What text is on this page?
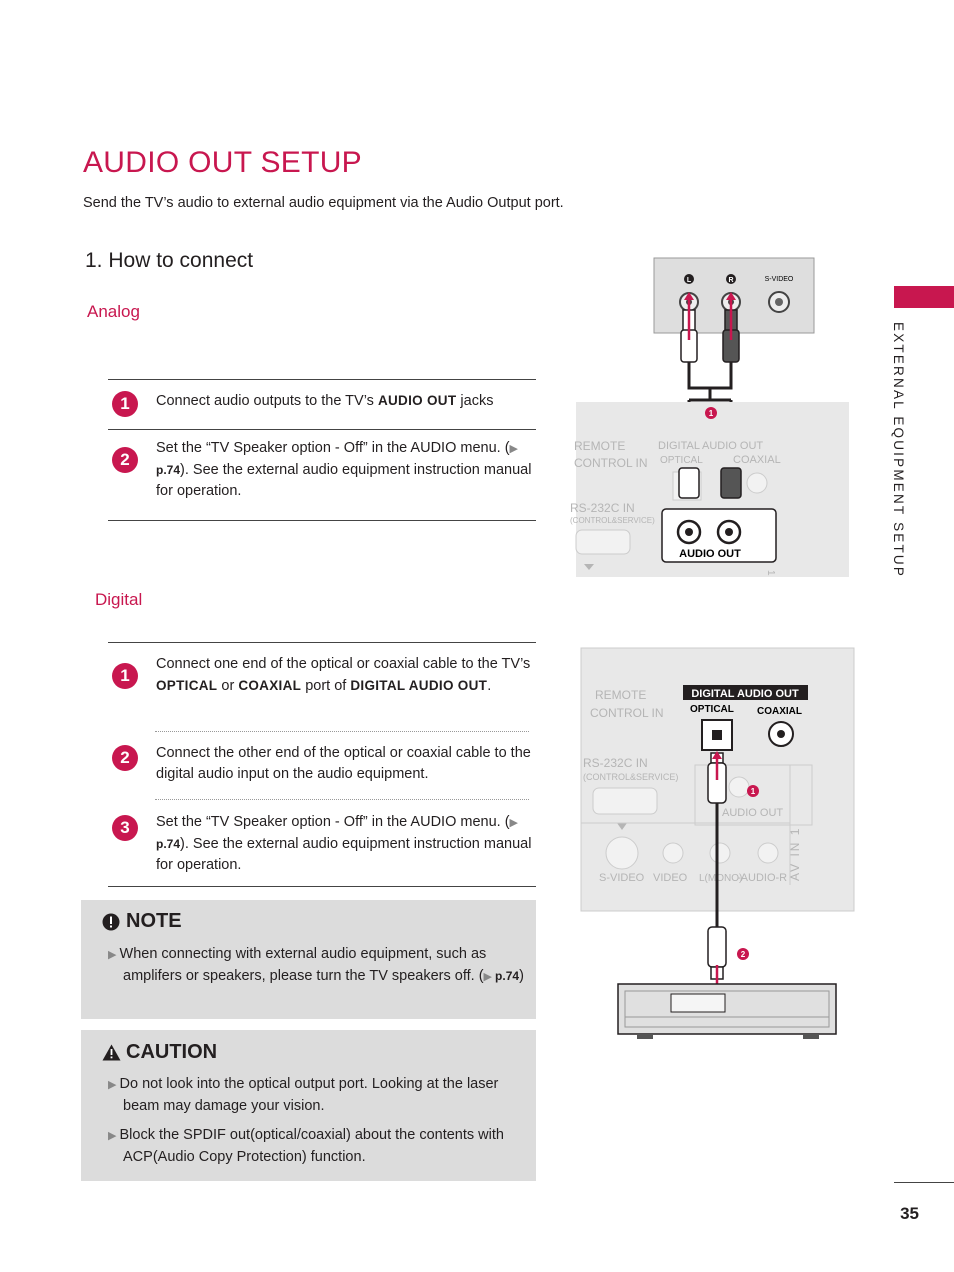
AUDIO OUT SETUP
Send the TV’s audio to external audio equipment via the Audio Output port.
1. How to connect
Analog
1	Connect audio outputs to the TV’s AUDIO OUT jacks
2
Set the “TV Speaker option - Off” in the AUDIO menu. (▶ p.74). See the external audio equipment instruction manual for operation.
Digital
1
Connect one end of the optical or coaxial cable to the TV’s OPTICAL or COAXIAL port of DIGITAL AUDIO OUT.
2	Connect the other end of the optical or coaxial cable to the digital audio input on the audio equipment.
3	Set the “TV Speaker option - Off” in the AUDIO menu. (▶ p.74). See the external audio equipment instruction manual for operation.
NOTE
▶ When connecting with external audio equipment, such as amplifers or speakers, please turn the TV speakers off. (▶ p.74)
CAUTION
▶ Do not look into the optical output port. Looking at the laser beam may damage your vision.
▶ Block the SPDIF out(optical/coaxial) about the contents with ACP(Audio Copy Protection) function.
L	R	S-VIDEO
REMOTE
CONTROL IN
DIGITAL AUDIO OUT
OPTICAL	COAXIAL
RS-232C IN
(CONTROL&SERVICE)
1
AUDIO OUT
1
REMOTE
CONTROL IN
DIGITAL AUDIO OUT
OPTICAL COAXIAL
RS-232C IN
(CONTROL&SERVICE)
AUDIO OUT
S-VIDEO VIDEO L(MONO)
-AUDIO-R AV IN 1
1
2
EXTERNAL EQUIPMENT SETUP
35
